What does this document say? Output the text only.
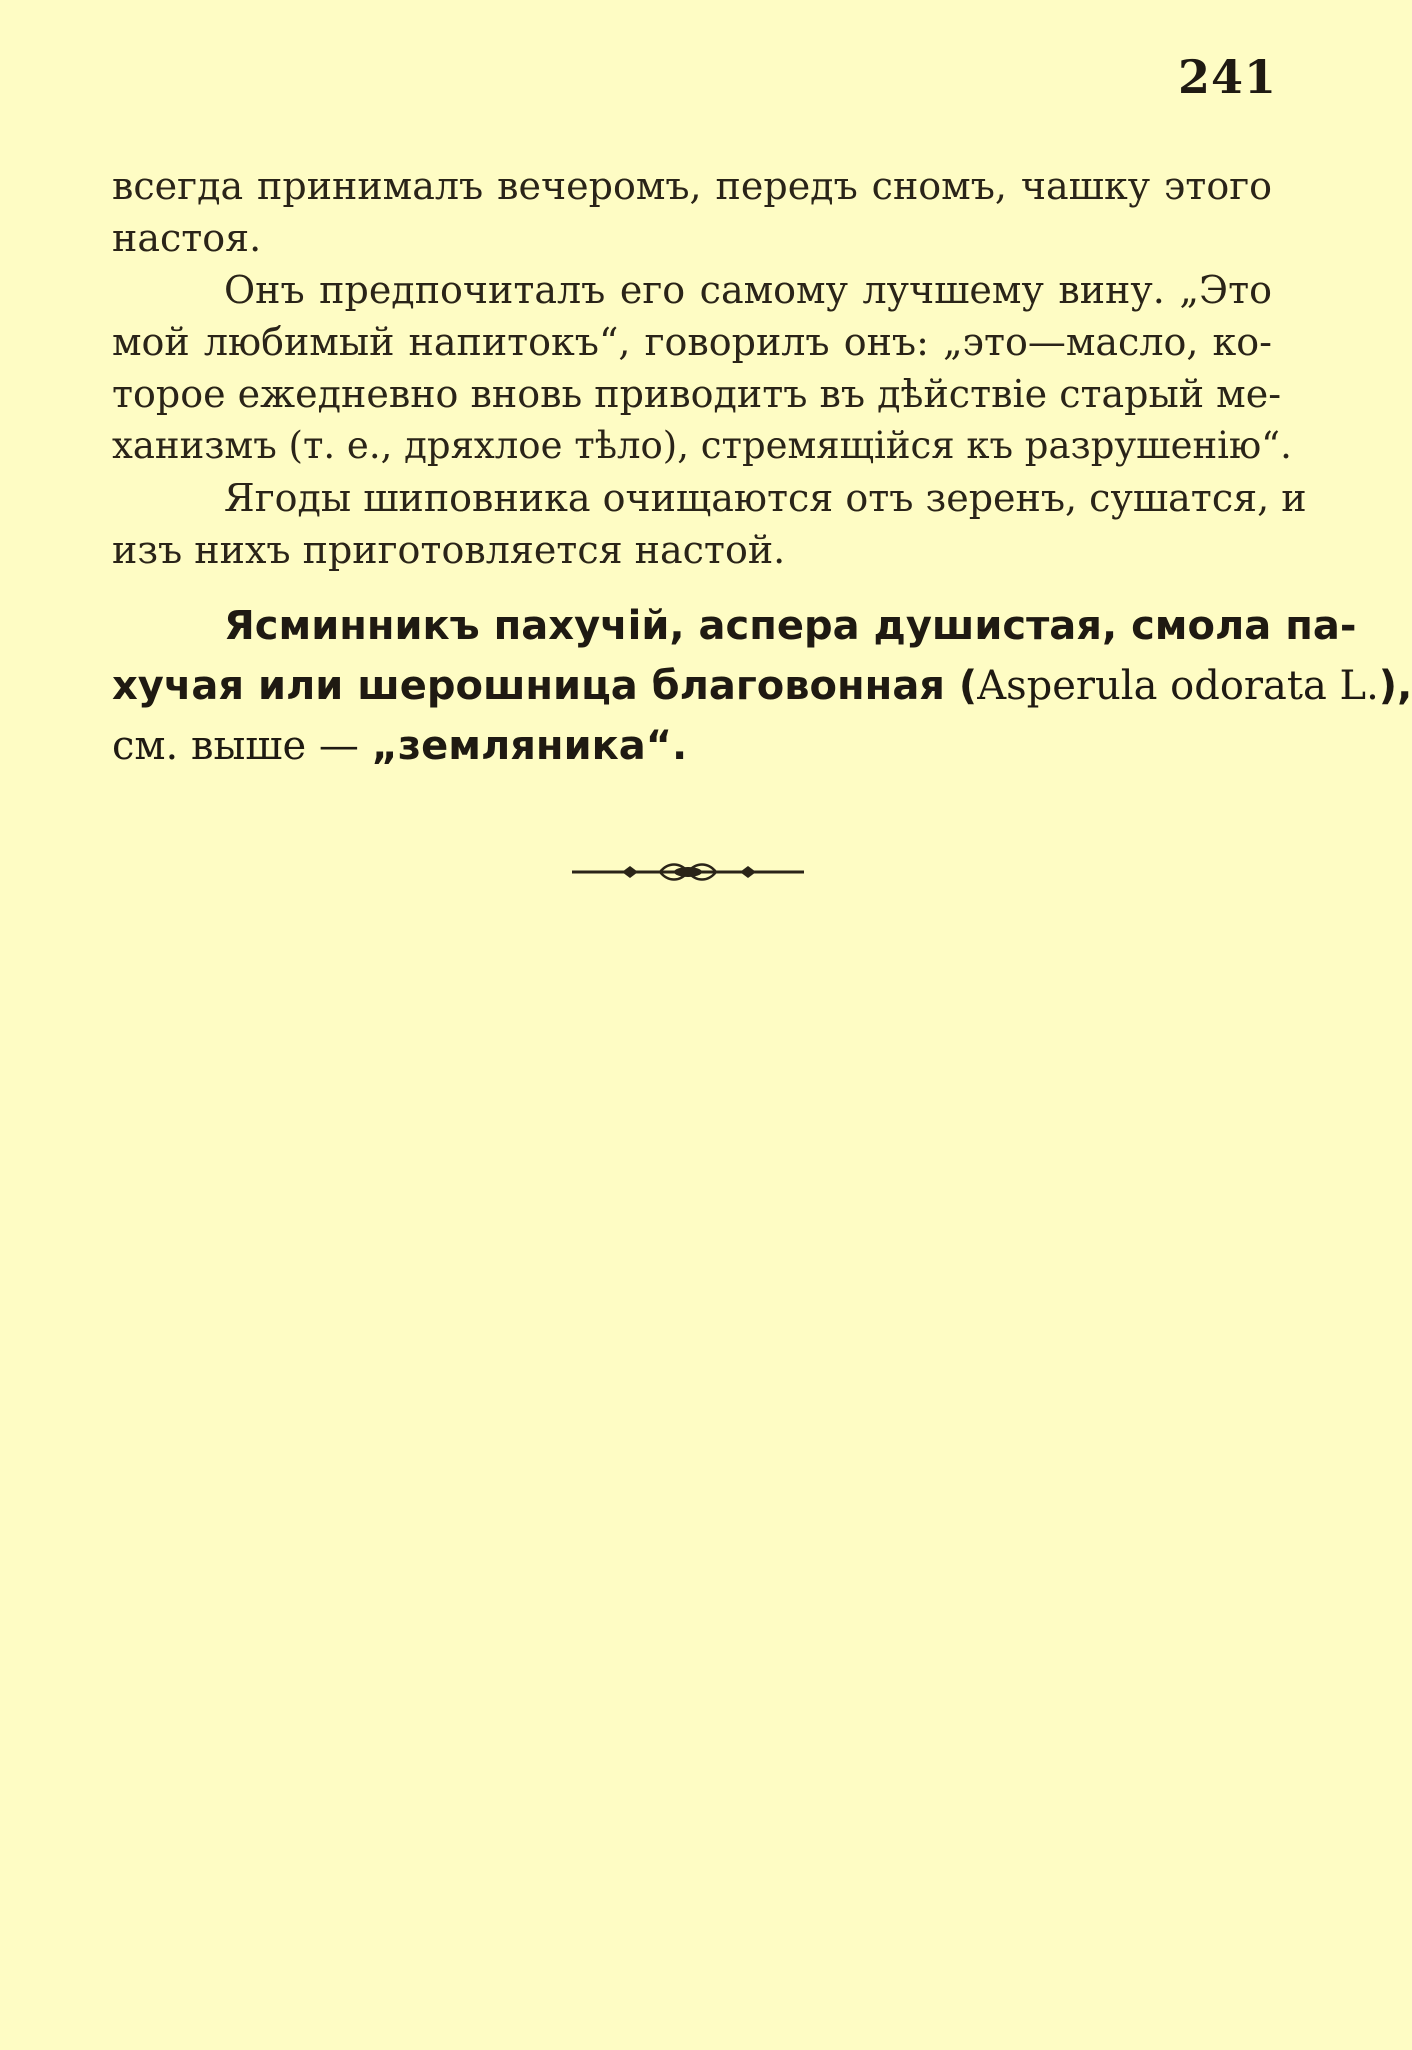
241
всегда принималъ вечеромъ, передъ сномъ, чашку этого
настоя.
Онъ предпочиталъ его самому лучшему вину. „Это
мой любимый напитокъ“, говорилъ онъ: „это—масло, ко-
торое ежедневно вновь приводитъ въ дѣйствіе старый ме-
ханизмъ (т. е., дряхлое тѣло), стремящійся къ разрушенію“.
Ягоды шиповника очищаются отъ зеренъ, сушатся, и
изъ нихъ приготовляется настой.
Ясминникъ пахучій, аспера душистая, смола па-
хучая или шерошница благовонная (Asperula odorata L.),
см. выше — „земляника“.
